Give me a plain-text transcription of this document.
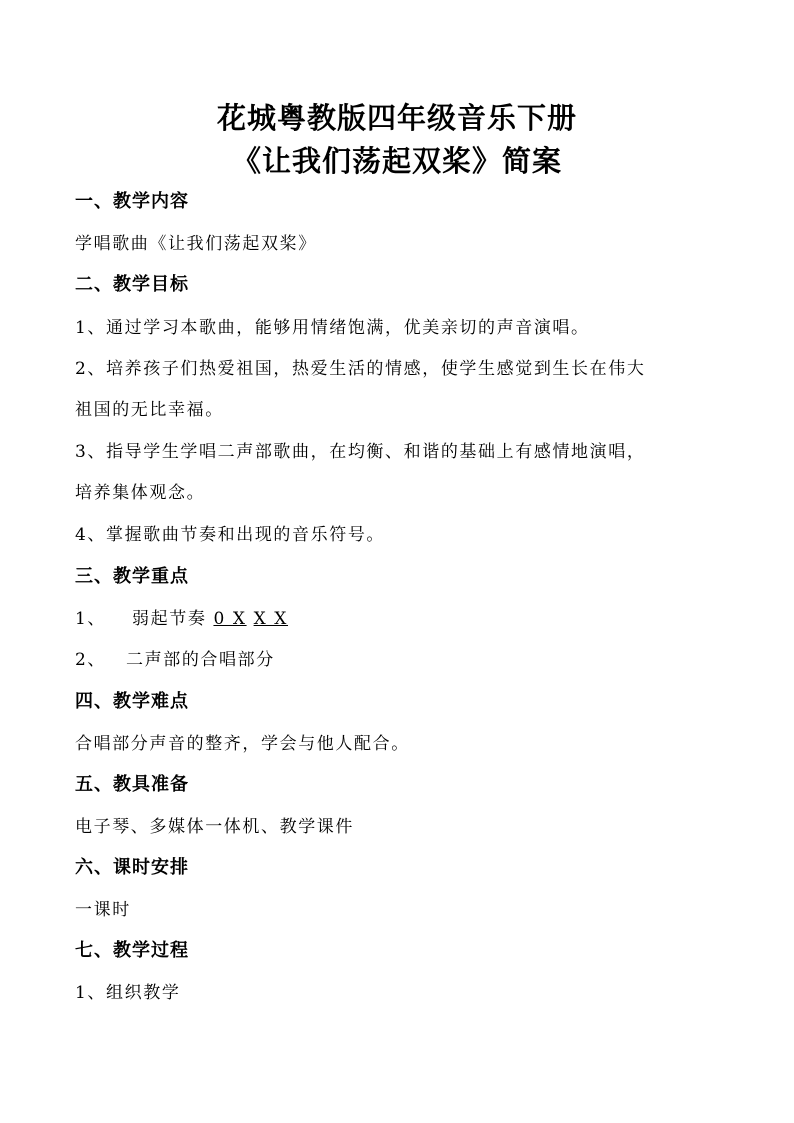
花城粤教版四年级音乐下册
《让我们荡起双桨》简案
一、教学内容
学唱歌曲《让我们荡起双桨》
二、教学目标
1、通过学习本歌曲，能够用情绪饱满，优美亲切的声音演唱。
2、培养孩子们热爱祖国，热爱生活的情感，使学生感觉到生长在伟大
祖国的无比幸福。
3、指导学生学唱二声部歌曲，在均衡、和谐的基础上有感情地演唱，
培养集体观念。
4、掌握歌曲节奏和出现的音乐符号。
三、教学重点
1、 弱起节奏 0 X X X
2、 二声部的合唱部分
四、教学难点
合唱部分声音的整齐，学会与他人配合。
五、教具准备
电子琴、多媒体一体机、教学课件
六、课时安排
一课时
七、教学过程
1、组织教学
